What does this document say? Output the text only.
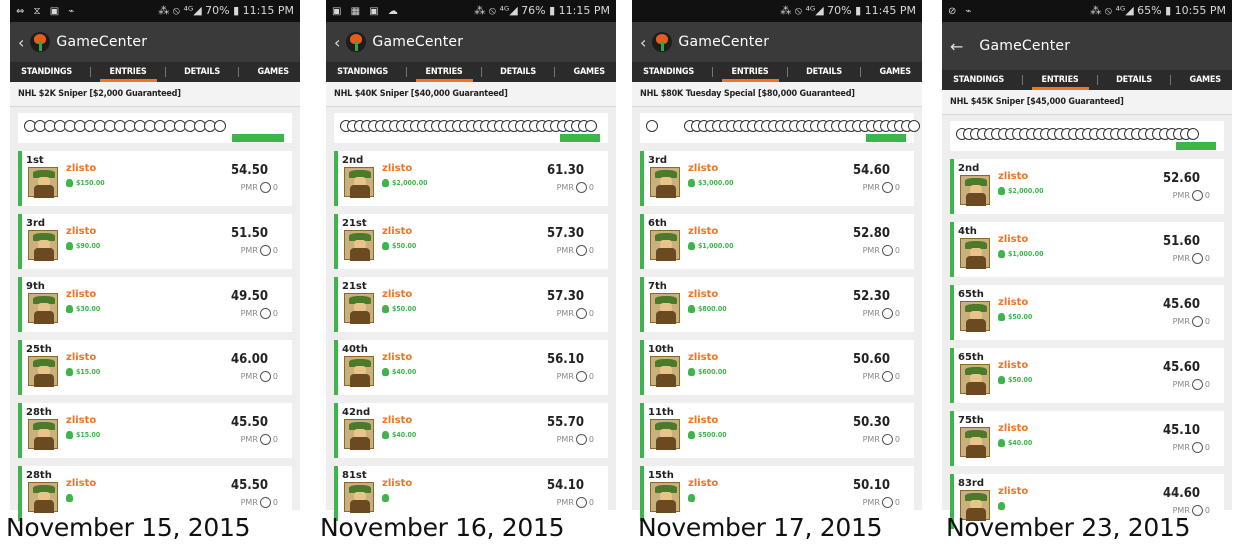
⇔ ⧖ ▣ ⌁	⁂ ⦸ ⁴ᴳ◢ 70% ▮ 11:15 PM
‹ GameCenter
STANDINGS	ENTRIES	DETAILS	GAMES
NHL $2K Sniper [$2,000 Guaranteed]
1st
zlisto
$150.00
54.50
PMR 0
3rd
zlisto
$90.00
51.50
PMR 0
9th
zlisto
$30.00
49.50
PMR 0
25th
zlisto
$15.00
46.00
PMR 0
28th
zlisto
$15.00
45.50
PMR 0
28th
zlisto	45.50
PMR 0
▣ ▦ ▣ ☁	⁂ ⦸ ⁴ᴳ◢ 76% ▮ 11:15 PM
‹ GameCenter
STANDINGS	ENTRIES	DETAILS	GAMES
NHL $40K Sniper [$40,000 Guaranteed]
2nd
zlisto
$2,000.00
61.30
PMR 0
21st
zlisto
$50.00
57.30
PMR 0
21st
zlisto
$50.00
57.30
PMR 0
40th
zlisto
$40.00
56.10
PMR 0
42nd
zlisto
$40.00
55.70
PMR 0
81st
zlisto	54.10
PMR 0
⁂ ⦸ ⁴ᴳ◢ 70% ▮ 11:45 PM
‹ GameCenter
STANDINGS	ENTRIES	DETAILS	GAMES
NHL $80K Tuesday Special [$80,000 Guaranteed]
3rd
zlisto
$3,000.00
54.60
PMR 0
6th
zlisto
$1,000.00
52.80
PMR 0
7th
zlisto
$800.00
52.30
PMR 0
10th
zlisto
$600.00
50.60
PMR 0
11th
zlisto
$500.00
50.30
PMR 0
15th
zlisto	50.10
PMR 0
⊘ ⌁	⁂ ⦸ ⁴ᴳ◢ 65% ▮ 10:55 PM
← GameCenter
STANDINGS	ENTRIES	DETAILS	GAMES
NHL $45K Sniper [$45,000 Guaranteed]
2nd
zlisto
$2,000.00
52.60
PMR 0
4th
zlisto
$1,000.00
51.60
PMR 0
65th
zlisto
$50.00
45.60
PMR 0
65th
zlisto
$50.00
45.60
PMR 0
75th
zlisto
$40.00
45.10
PMR 0
83rd
zlisto	44.60
PMR 0
November 15, 2015	November 16, 2015	November 17, 2015	November 23, 2015
